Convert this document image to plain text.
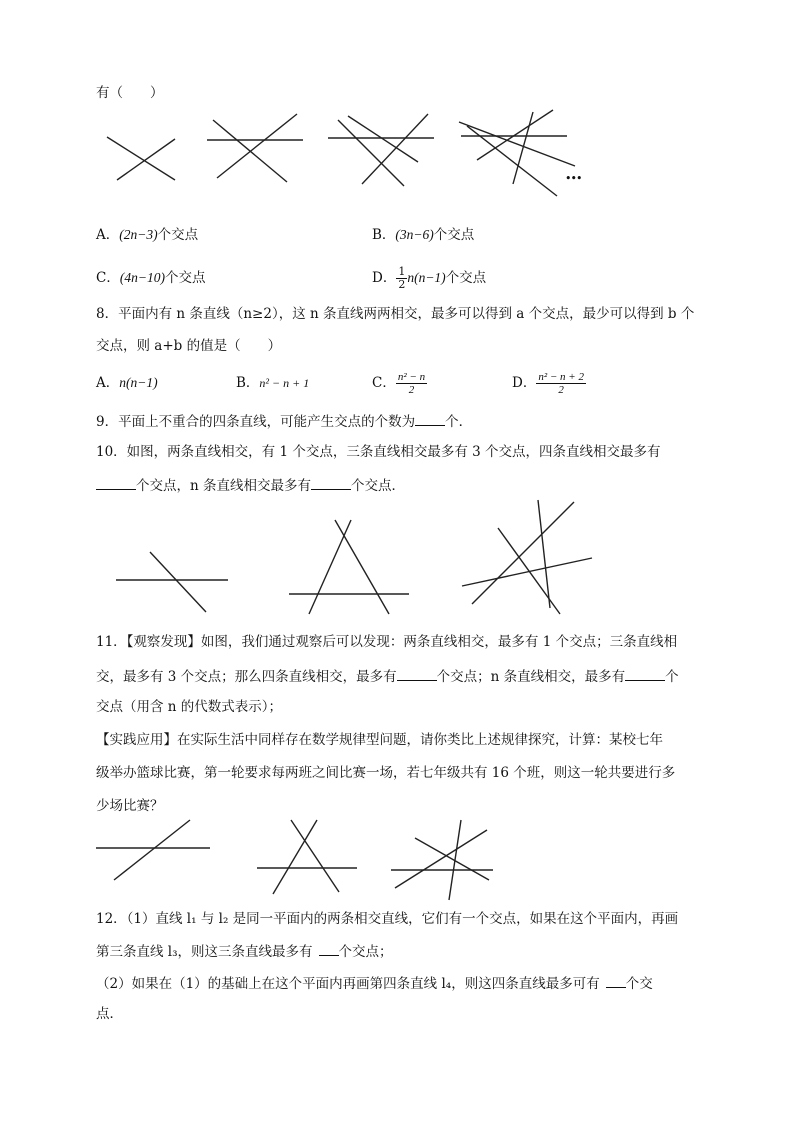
有（　　）
•••
A．(2n−3)个交点	B．(3n−6)个交点
C．(4n−10)个交点	D． $\frac{1}{2} n(n-1)$个交点
8．平面内有 n 条直线（n≥2），这 n 条直线两两相交，最多可以得到 a 个交点，最少可以得到 b 个
交点，则 a+b 的值是（　　）
A．n(n−1)	B．n² − n + 1	C． $\frac{\text{n² − n}}{2}$	D． $\frac{\text{n² − n + 2}}{2}$
9．平面上不重合的四条直线，可能产生交点的个数为 个．
10．如图，两条直线相交，有 1 个交点，三条直线相交最多有 3 个交点，四条直线相交最多有
个交点，n 条直线相交最多有	个交点．
11．【观察发现】如图，我们通过观察后可以发现：两条直线相交，最多有 1 个交点；三条直线相
交，最多有 3 个交点；那么四条直线相交，最多有	个交点；n 条直线相交，最多有	个
交点（用含 n 的代数式表示）；
【实践应用】在实际生活中同样存在数学规律型问题，请你类比上述规律探究，计算：某校七年
级举办篮球比赛，第一轮要求每两班之间比赛一场，若七年级共有 16 个班，则这一轮共要进行多
少场比赛？
12．（1）直线 l₁ 与 l₂ 是同一平面内的两条相交直线，它们有一个交点，如果在这个平面内，再画
第三条直线 l₃，则这三条直线最多有 个交点；
（2）如果在（1）的基础上在这个平面内再画第四条直线 l₄，则这四条直线最多可有 个交
点．
